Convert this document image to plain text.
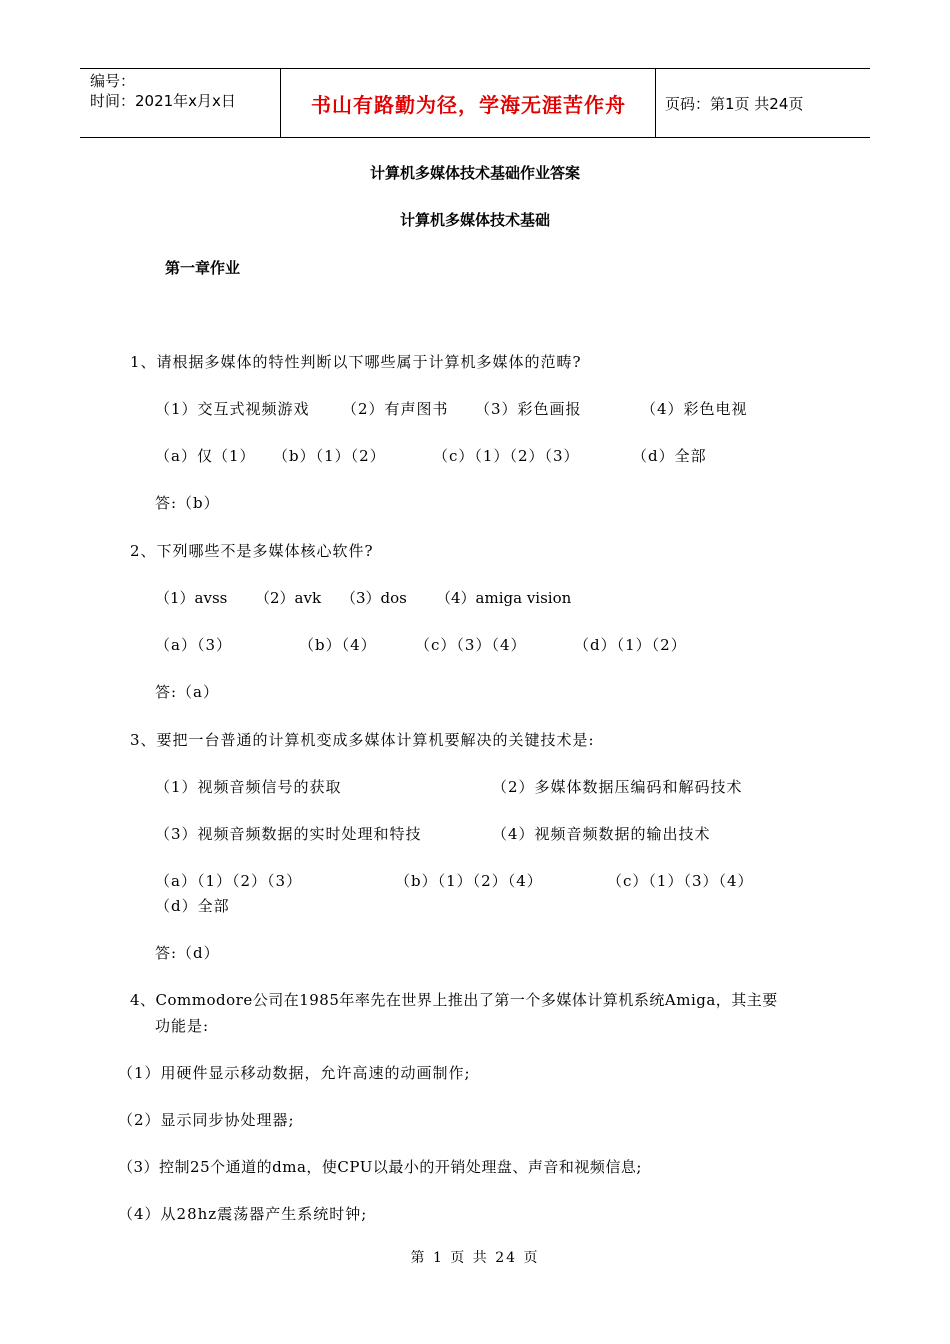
编号：
时间：2021年x月x日	书山有路勤为径，学海无涯苦作舟	页码：第1页 共24页
计算机多媒体技术基础作业答案
计算机多媒体技术基础
第一章作业
1、请根据多媒体的特性判断以下哪些属于计算机多媒体的范畴?
（1）交互式视频游戏 （2）有声图书 （3）彩色画报	（4）彩色电视
（a）仅（1） （b）（1）（2）	（c）（1）（2）（3）	（d）全部
答:（b）
2、下列哪些不是多媒体核心软件?
（1）avss （2）avk （3）dos （4）amiga vision
（a）（3）	（b）（4）	（c）（3）（4）	（d）（1）（2）
答:（a）
3、要把一台普通的计算机变成多媒体计算机要解决的关键技术是:
（1）视频音频信号的获取	（2）多媒体数据压编码和解码技术
（3）视频音频数据的实时处理和特技	（4）视频音频数据的输出技术
（a）（1）（2）（3）	（b）（1）（2）（4）	（c）（1）（3）（4）
（d）全部
答:（d）
4、Commodore公司在1985年率先在世界上推出了第一个多媒体计算机系统Amiga，其主要
功能是:
（1）用硬件显示移动数据，允许高速的动画制作;
（2）显示同步协处理器;
（3）控制25个通道的dma，使CPU以最小的开销处理盘、声音和视频信息;
（4）从28hz震荡器产生系统时钟;
第 1 页 共 24 页
